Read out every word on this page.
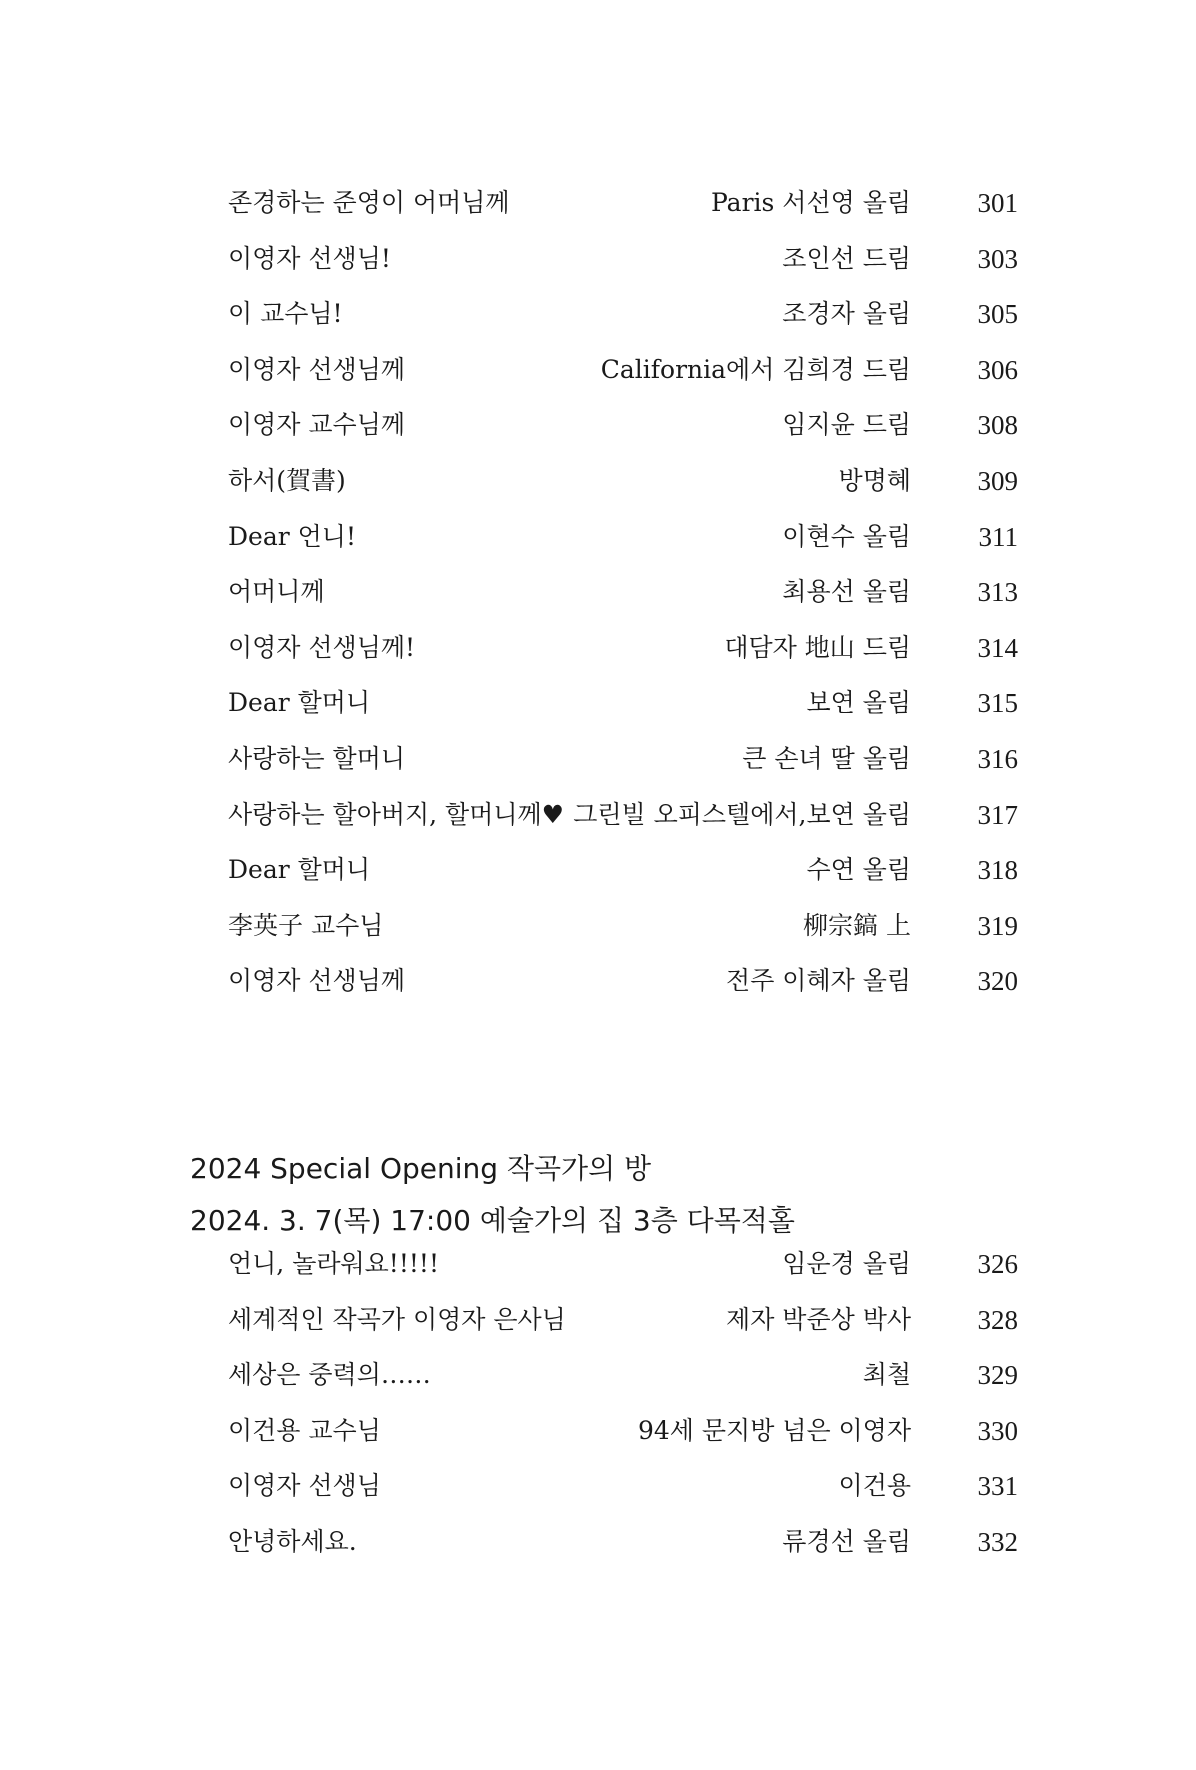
존경하는 준영이 어머님께	Paris 서선영 올림 301
이영자 선생님!	조인선 드림 303
이 교수님!	조경자 올림 305
이영자 선생님께	California에서 김희경 드림 306
이영자 교수님께	임지윤 드림 308
하서(賀書)	방명혜 309
Dear 언니!	이현수 올림	311
어머니께	최용선 올림 313
이영자 선생님께!	대담자 地山 드림 314
Dear 할머니	보연 올림 315
사랑하는 할머니	큰 손녀 딸 올림 316
사랑하는 할아버지, 할머니께♥ 그린빌 오피스텔에서,보연 올림 317
Dear 할머니	수연 올림 318
李英子 교수님	柳宗鎬 上 319
이영자 선생님께	전주 이혜자 올림 320
2024 Special Opening 작곡가의 방
2024. 3. 7(목) 17:00 예술가의 집 3층 다목적홀
언니, 놀라워요!!!!!	임운경 올림 326
세계적인 작곡가 이영자 은사님	제자 박준상 박사 328
세상은 중력의……	최철 329
이건용 교수님	94세 문지방 넘은 이영자 330
이영자 선생님	이건용 331
안녕하세요.	류경선 올림 332
